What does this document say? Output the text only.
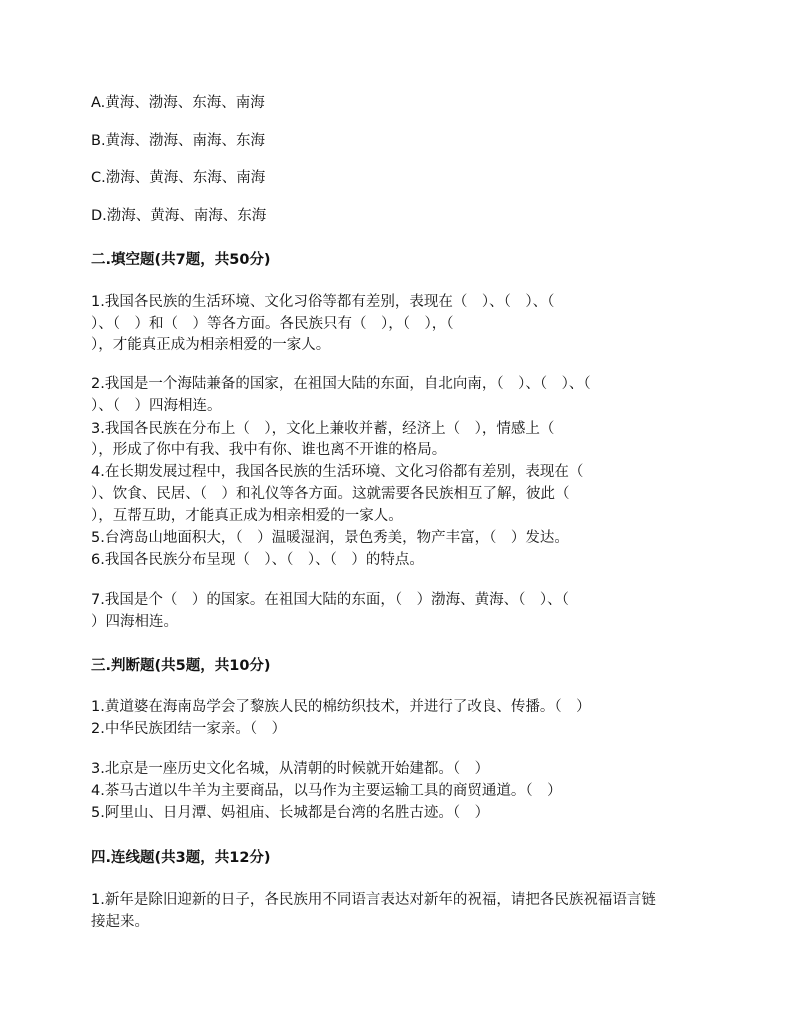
A.黄海、渤海、东海、南海
B.黄海、渤海、南海、东海
C.渤海、黄海、东海、南海
D.渤海、黄海、南海、东海
二.填空题(共7题，共50分)
1.我国各民族的生活环境、文化习俗等都有差别，表现在（　）、（　）、（
）、（　）和（　）等各方面。各民族只有（　），（　），（
），才能真正成为相亲相爱的一家人。
2.我国是一个海陆兼备的国家，在祖国大陆的东面，自北向南，（　）、（　）、（
）、（　）四海相连。
3.我国各民族在分布上（　），文化上兼收并蓄，经济上（　），情感上（
），形成了你中有我、我中有你、谁也离不开谁的格局。
4.在长期发展过程中，我国各民族的生活环境、文化习俗都有差别，表现在（
）、饮食、民居、（　）和礼仪等各方面。这就需要各民族相互了解，彼此（
），互帮互助，才能真正成为相亲相爱的一家人。
5.台湾岛山地面积大，（　）温暖湿润，景色秀美，物产丰富，（　）发达。
6.我国各民族分布呈现（　）、（　）、（　）的特点。
7.我国是个（　）的国家。在祖国大陆的东面，（　）渤海、黄海、（　）、（
）四海相连。
三.判断题(共5题，共10分)
1.黄道婆在海南岛学会了黎族人民的棉纺织技术，并进行了改良、传播。（　）
2.中华民族团结一家亲。（　）
3.北京是一座历史文化名城，从清朝的时候就开始建都。（　）
4.茶马古道以牛羊为主要商品，以马作为主要运输工具的商贸通道。（　）
5.阿里山、日月潭、妈祖庙、长城都是台湾的名胜古迹。（　）
四.连线题(共3题，共12分)
1.新年是除旧迎新的日子，各民族用不同语言表达对新年的祝福，请把各民族祝福语言链
接起来。
